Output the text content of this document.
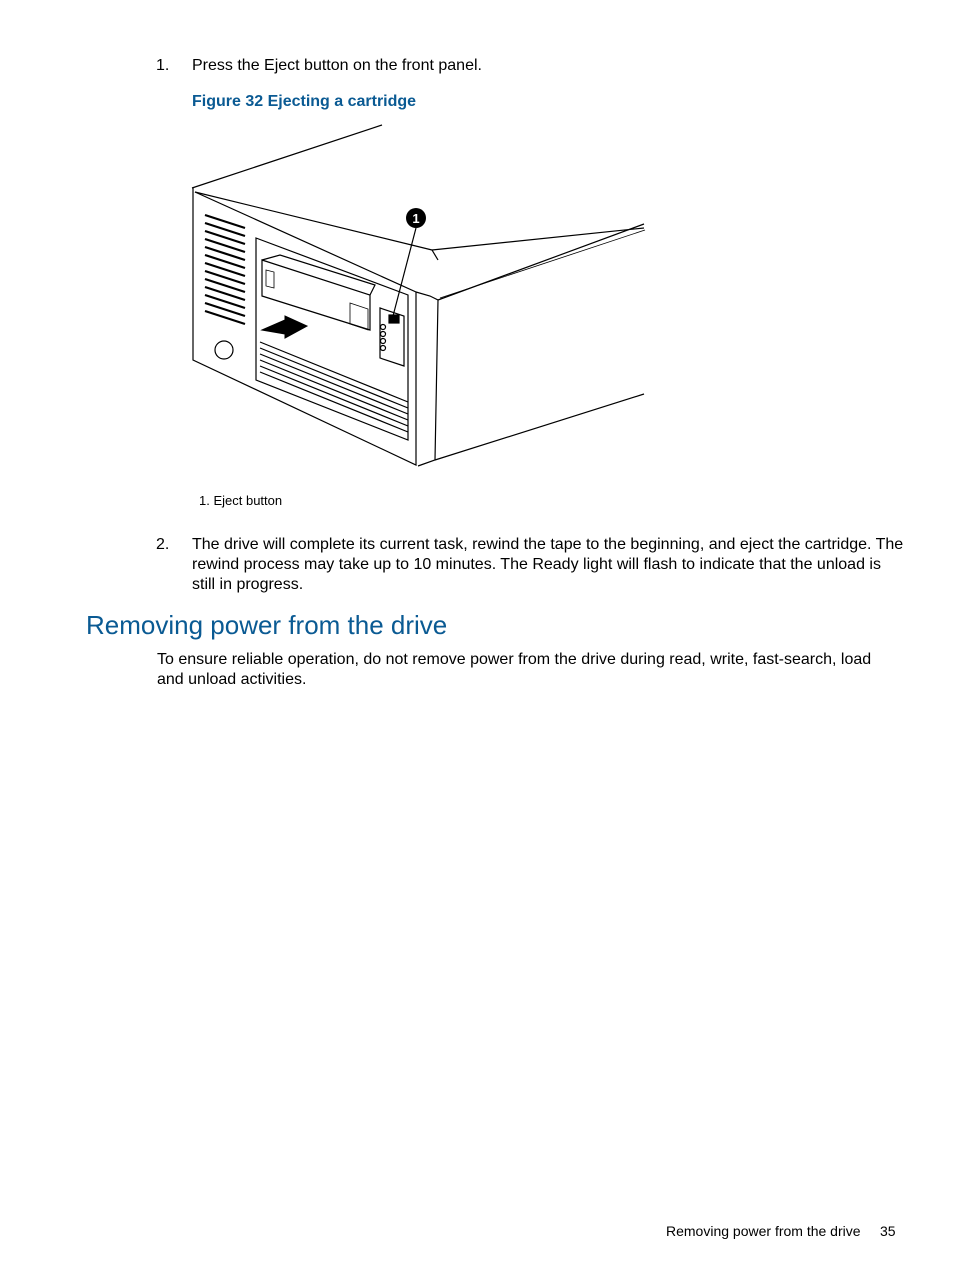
1.	Press the Eject button on the front panel.
Figure 32 Ejecting a cartridge
1
1. Eject button
2.	The drive will complete its current task, rewind the tape to the beginning, and eject the cartridge. The rewind process may take up to 10 minutes. The Ready light will flash to indicate that the unload is still in progress.
Removing power from the drive
To ensure reliable operation, do not remove power from the drive during read, write, fast-search, load and unload activities.
Removing power from the drive 35
